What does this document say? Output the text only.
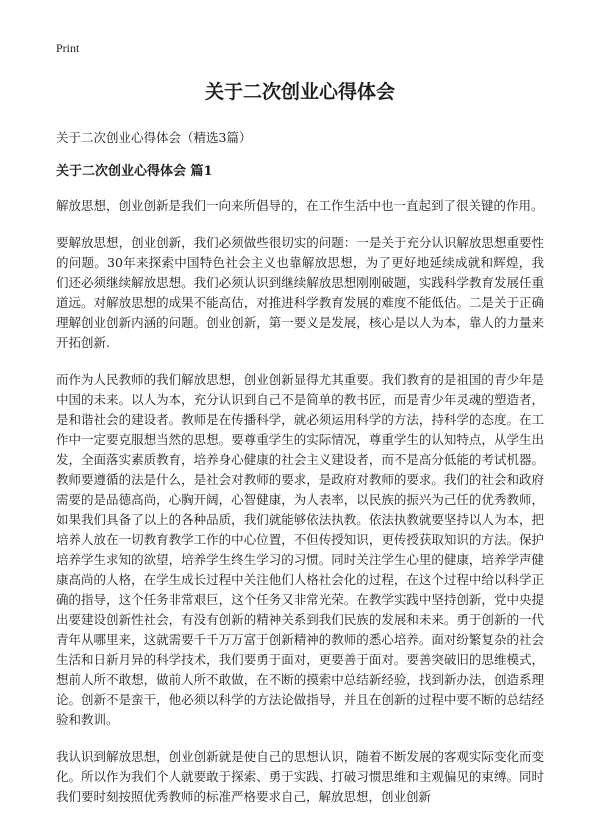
Print
关于二次创业心得体会
关于二次创业心得体会（精选3篇）
关于二次创业心得体会 篇1

解放思想，创业创新是我们一向来所倡导的，在工作生活中也一直起到了很关键的作用。

要解放思想，创业创新，我们必须做些很切实的问题：一是关于充分认识解放思想重要性的问题。30年来探索中国特色社会主义也靠解放思想，为了更好地延续成就和辉煌，我们还必须继续解放思想。我们必须认识到继续解放思想刚刚破题，实践科学教育发展任重道远。对解放思想的成果不能高估，对推进科学教育发展的难度不能低估。二是关于正确理解创业创新内涵的问题。创业创新，第一要义是发展，核心是以人为本，靠人的力量来开拓创新.

而作为人民教师的我们解放思想，创业创新显得尤其重要。我们教育的是祖国的青少年是中国的未来。以人为本，充分认识到自己不是简单的教书匠，而是青少年灵魂的塑造者，是和谐社会的建设者。教师是在传播科学，就必须运用科学的方法，持科学的态度。在工作中一定要克服想当然的思想。要尊重学生的实际情况，尊重学生的认知特点，从学生出发，全面落实素质教育，培养身心健康的社会主义建设者，而不是高分低能的考试机器。教师要遵循的法是什么，是社会对教师的要求，是政府对教师的要求。我们的社会和政府需要的是品德高尚，心胸开阔，心智健康，为人表率，以民族的振兴为己任的优秀教师，如果我们具备了以上的各种品质，我们就能够依法执教。依法执教就要坚持以人为本，把培养人放在一切教育教学工作的中心位置，不但传授知识，更传授获取知识的方法。保护培养学生求知的欲望，培养学生终生学习的习惯。同时关注学生心里的健康，培养学声健康高尚的人格，在学生成长过程中关注他们人格社会化的过程，在这个过程中给以科学正确的指导，这个任务非常艰巨，这个任务又非常光荣。在教学实践中坚持创新，党中央提出要建设创新性社会，有没有创新的精神关系到我们民族的发展和未来。勇于创新的一代青年从哪里来，这就需要千千万万富于创新精神的教师的悉心培养。面对纷繁复杂的社会生活和日新月异的科学技术，我们要勇于面对，更要善于面对。要善突破旧的思维模式，想前人所不敢想，做前人所不敢做，在不断的摸索中总结新经验，找到新办法，创造系理论。创新不是蛮干，他必须以科学的方法论做指导，并且在创新的过程中要不断的总结经验和教训。

我认识到解放思想，创业创新就是使自己的思想认识，随着不断发展的客观实际变化而变化。所以作为我们个人就要敢于探索、勇于实践、打破习惯思维和主观偏见的束缚。同时我们要时刻按照优秀教师的标准严格要求自己，解放思想，创业创新
